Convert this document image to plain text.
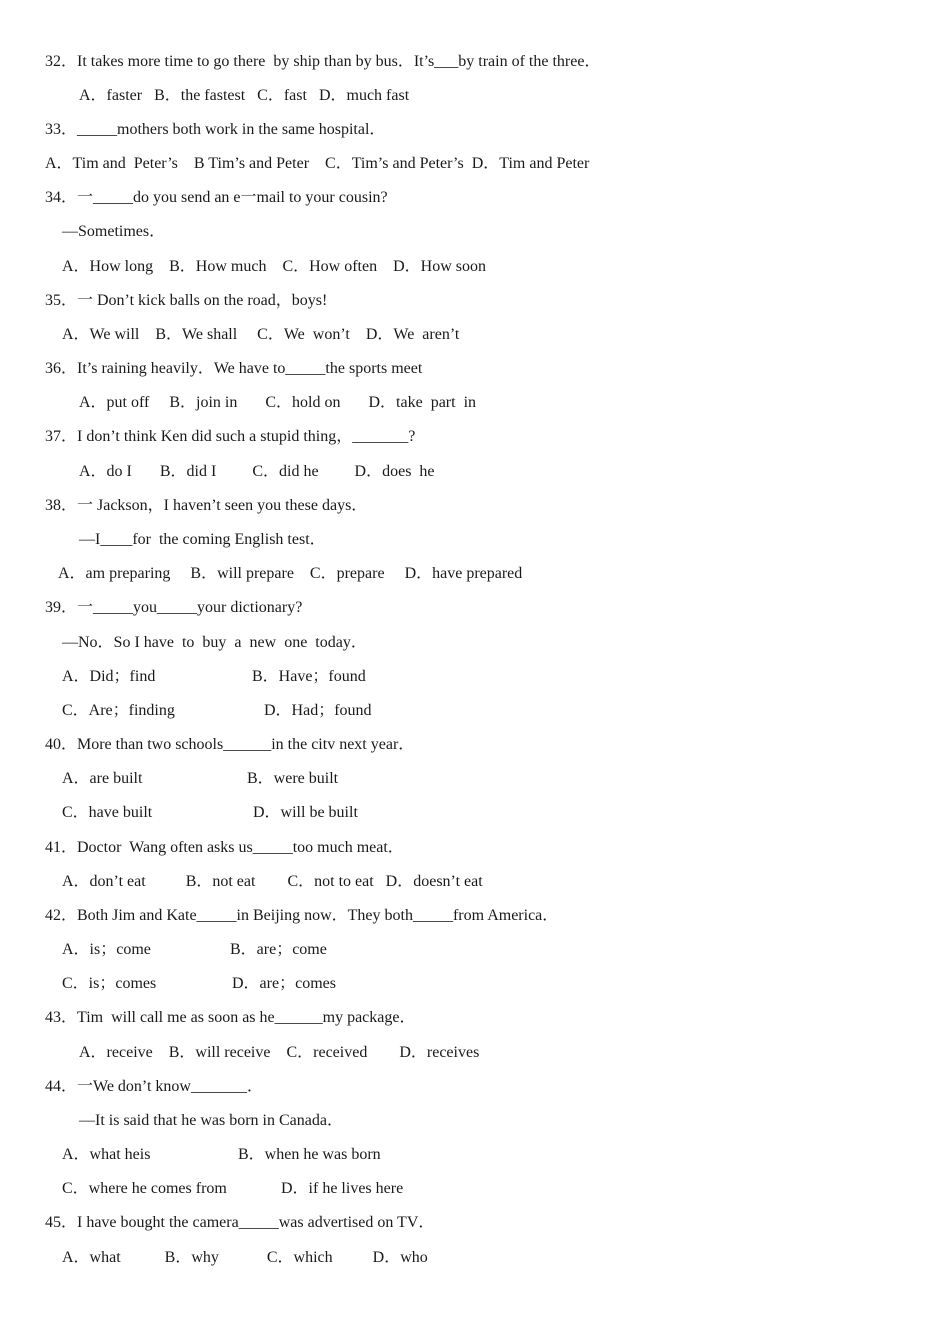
32．It takes more time to go there  by ship than by bus．It’s___by train of the three．
A．faster   B．the fastest   C．fast   D．much fast
33．_____mothers both work in the same hospital．
A．Tim and  Peter’s    B Tim’s and Peter    C．Tim’s and Peter’s  D．Tim and Peter
34．一_____do you send an e一mail to your cousin?
—Sometimes．
A．How long    B．How much    C．How often    D．How soon
35．一 Don’t kick balls on the road，boys!
A．We will    B．We shall     C．We  won’t    D．We  aren’t
36．It’s raining heavily．We have to_____the sports meet
A．put off     B．join in       C．hold on       D．take  part  in
37．I don’t think Ken did such a stupid thing，_______?
A．do I       B．did I         C．did he         D．does  he
38．一 Jackson，I haven’t seen you these days．
—I____for  the coming English test．
A．am preparing     B．will prepare    C．prepare     D．have prepared
39．一_____you_____your dictionary?
—No．So I have  to  buy  a  new  one  today．
A．Did；find	B．Have；found
C．Are；finding	D．Had；found
40．More than two schools______in the citv next year．
A．are built	B．were built
C．have built	D．will be built
41．Doctor  Wang often asks us_____too much meat．
A．don’t eat          B．not eat        C．not to eat   D．doesn’t eat
42．Both Jim and Kate_____in Beijing now．They both_____from America．
A．is；come	B．are；come
C．is；comes	D．are；comes
43．Tim  will call me as soon as he______my package．
A．receive    B．will receive    C．received        D．receives
44．一We don’t know_______．
—It is said that he was born in Canada．
A．what heis	B．when he was born
C．where he comes from	D．if he lives here
45．I have bought the camera_____was advertised on TV．
A．what           B．why            C．which          D．who
